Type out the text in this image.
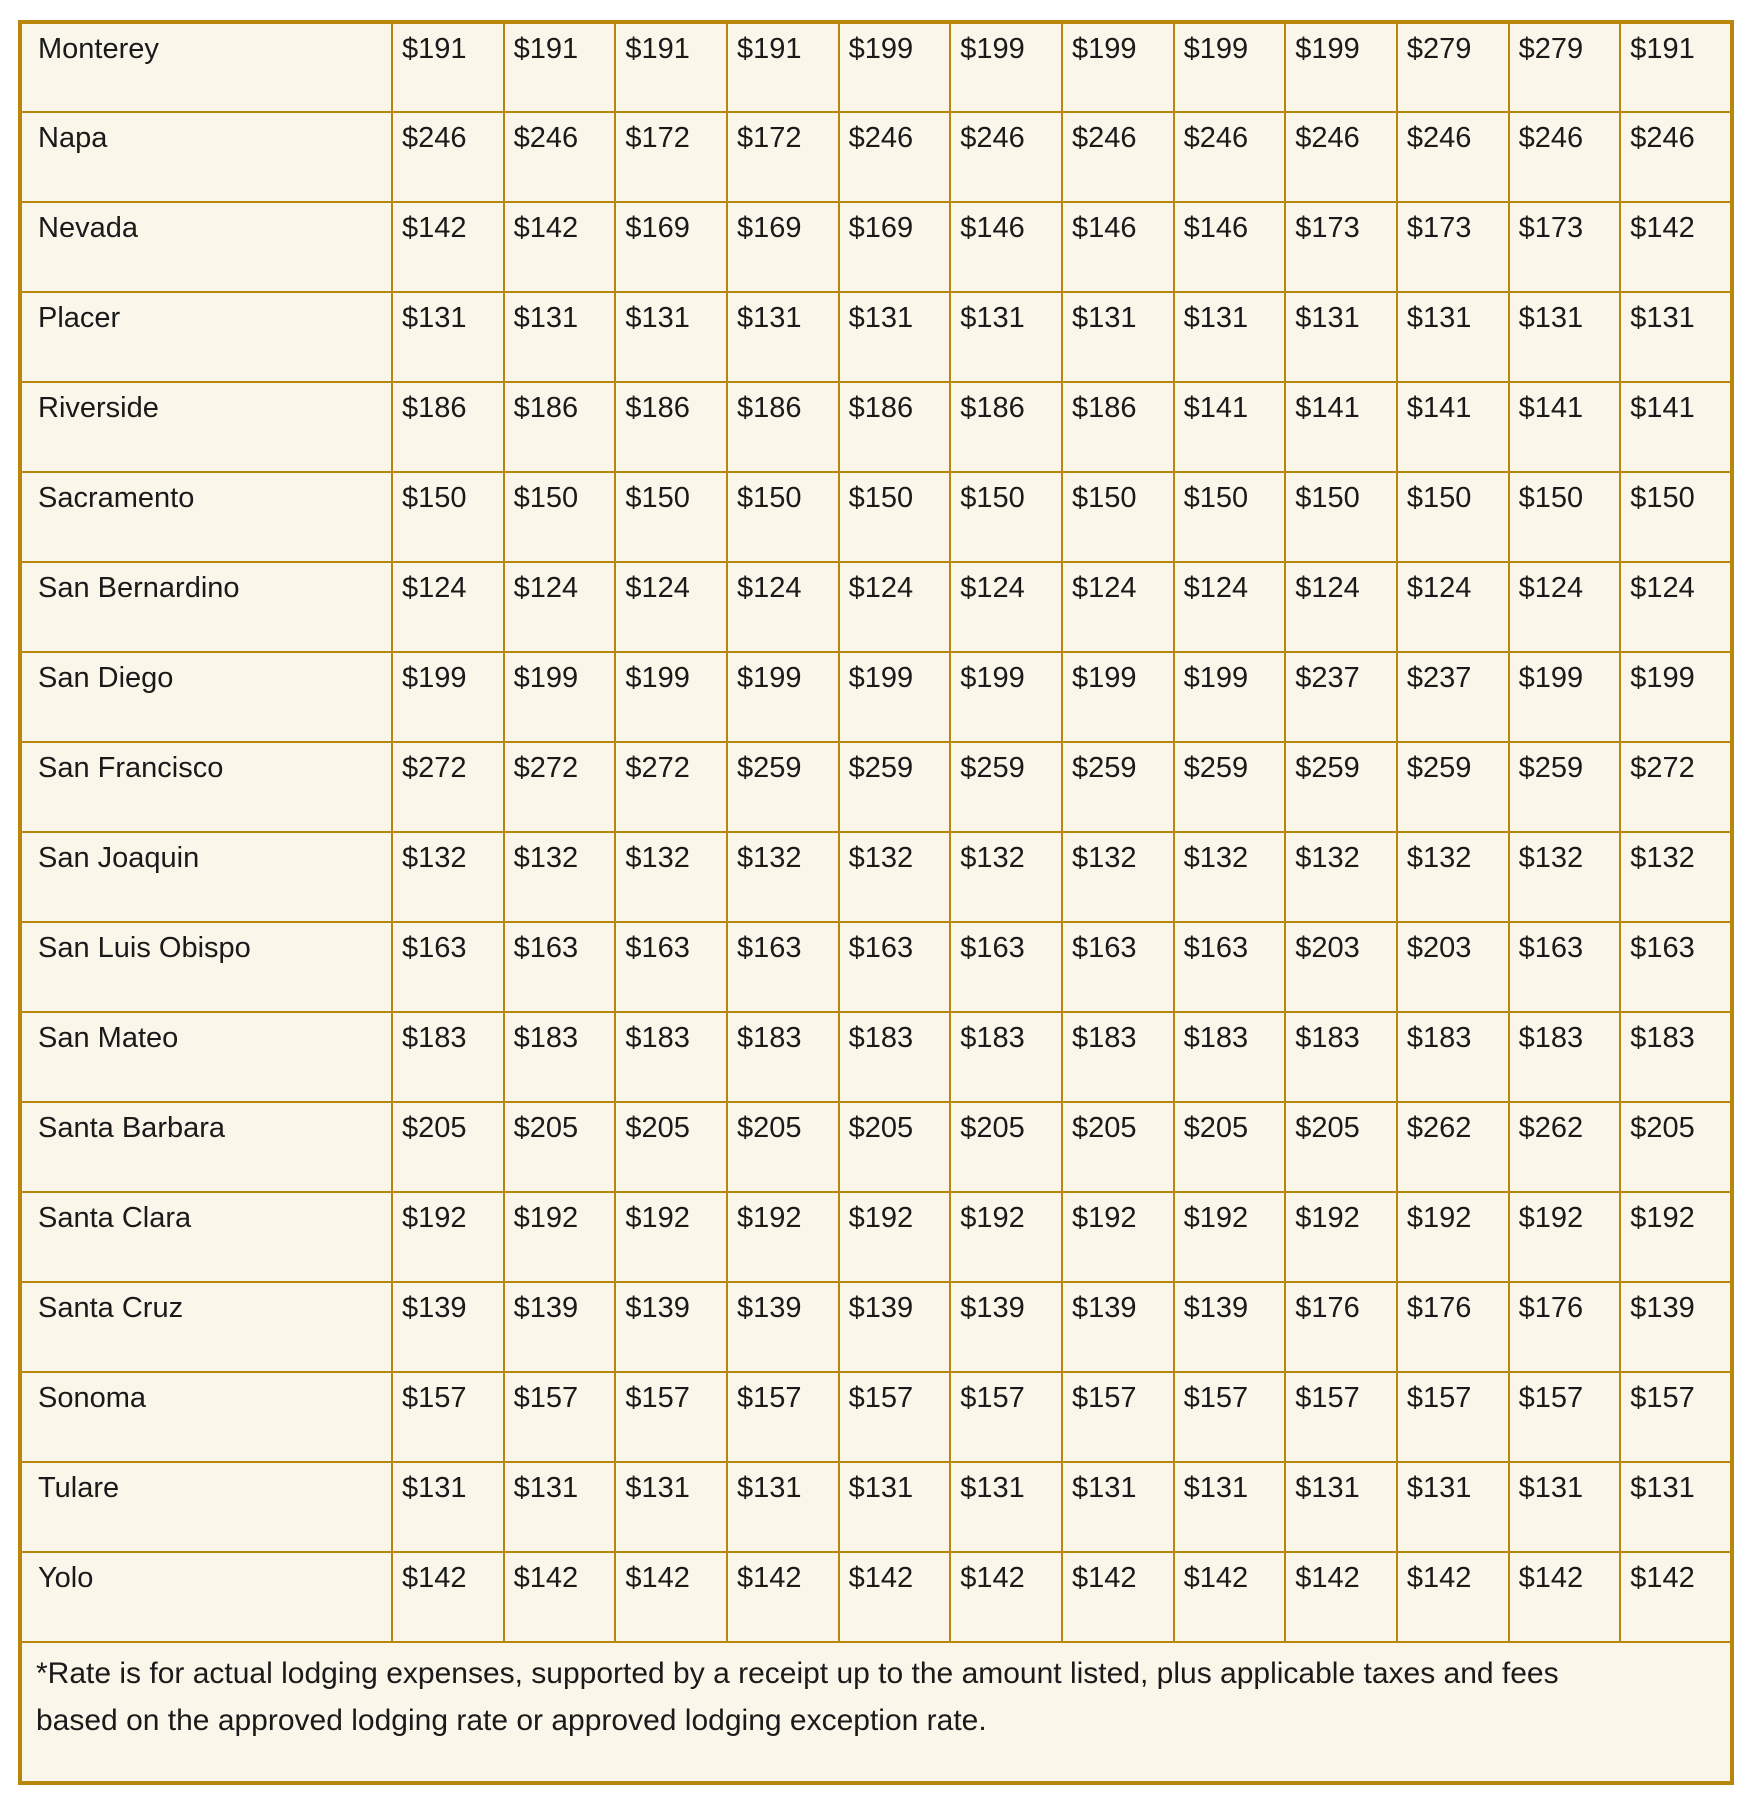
Monterey	$191	$191	$191	$191	$199	$199	$199	$199	$199	$279	$279	$191
Napa	$246	$246	$172	$172	$246	$246	$246	$246	$246	$246	$246	$246
Nevada	$142	$142	$169	$169	$169	$146	$146	$146	$173	$173	$173	$142
Placer	$131	$131	$131	$131	$131	$131	$131	$131	$131	$131	$131	$131
Riverside	$186	$186	$186	$186	$186	$186	$186	$141	$141	$141	$141	$141
Sacramento	$150	$150	$150	$150	$150	$150	$150	$150	$150	$150	$150	$150
San Bernardino	$124	$124	$124	$124	$124	$124	$124	$124	$124	$124	$124	$124
San Diego	$199	$199	$199	$199	$199	$199	$199	$199	$237	$237	$199	$199
San Francisco	$272	$272	$272	$259	$259	$259	$259	$259	$259	$259	$259	$272
San Joaquin	$132	$132	$132	$132	$132	$132	$132	$132	$132	$132	$132	$132
San Luis Obispo	$163	$163	$163	$163	$163	$163	$163	$163	$203	$203	$163	$163
San Mateo	$183	$183	$183	$183	$183	$183	$183	$183	$183	$183	$183	$183
Santa Barbara	$205	$205	$205	$205	$205	$205	$205	$205	$205	$262	$262	$205
Santa Clara	$192	$192	$192	$192	$192	$192	$192	$192	$192	$192	$192	$192
Santa Cruz	$139	$139	$139	$139	$139	$139	$139	$139	$176	$176	$176	$139
Sonoma	$157	$157	$157	$157	$157	$157	$157	$157	$157	$157	$157	$157
Tulare	$131	$131	$131	$131	$131	$131	$131	$131	$131	$131	$131	$131
Yolo	$142	$142	$142	$142	$142	$142	$142	$142	$142	$142	$142	$142
*Rate is for actual lodging expenses, supported by a receipt up to the amount listed, plus applicable taxes and fees based on the approved lodging rate or approved lodging exception rate.												
